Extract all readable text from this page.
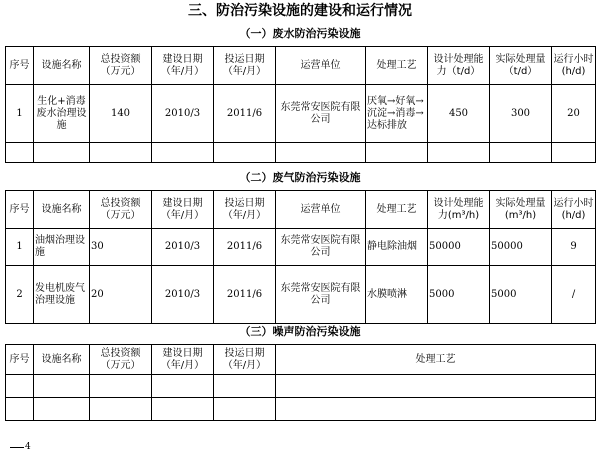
三、防治污染设施的建设和运行情况
（一）废水防治污染设施
序号	设施名称	总投资额（万元）	建设日期（年/月）	投运日期（年/月）	运营单位	处理工艺	设计处理能力（t/d）	实际处理量（t/d）	运行小时(h/d)
1	生化+消毒废水治理设施	140	2010/3	2011/6	东莞常安医院有限公司	厌氧→好氧→沉淀→消毒→达标排放	450	300	20

（二）废气防治污染设施
序号	设施名称	总投资额（万元）	建设日期（年/月）	投运日期（年/月）	运营单位	处理工艺	设计处理能力(m³/h)	实际处理量(m³/h)	运行小时(h/d)
1	油烟治理设施	30	2010/3	2011/6	东莞常安医院有限公司	静电除油烟	50000	50000	9
2	发电机废气治理设施	20	2010/3	2011/6	东莞常安医院有限公司	水膜喷淋	5000	5000	/
（三）噪声防治污染设施
序号	设施名称	总投资额（万元）	建设日期（年/月）	投运日期（年/月）	处理工艺

4
